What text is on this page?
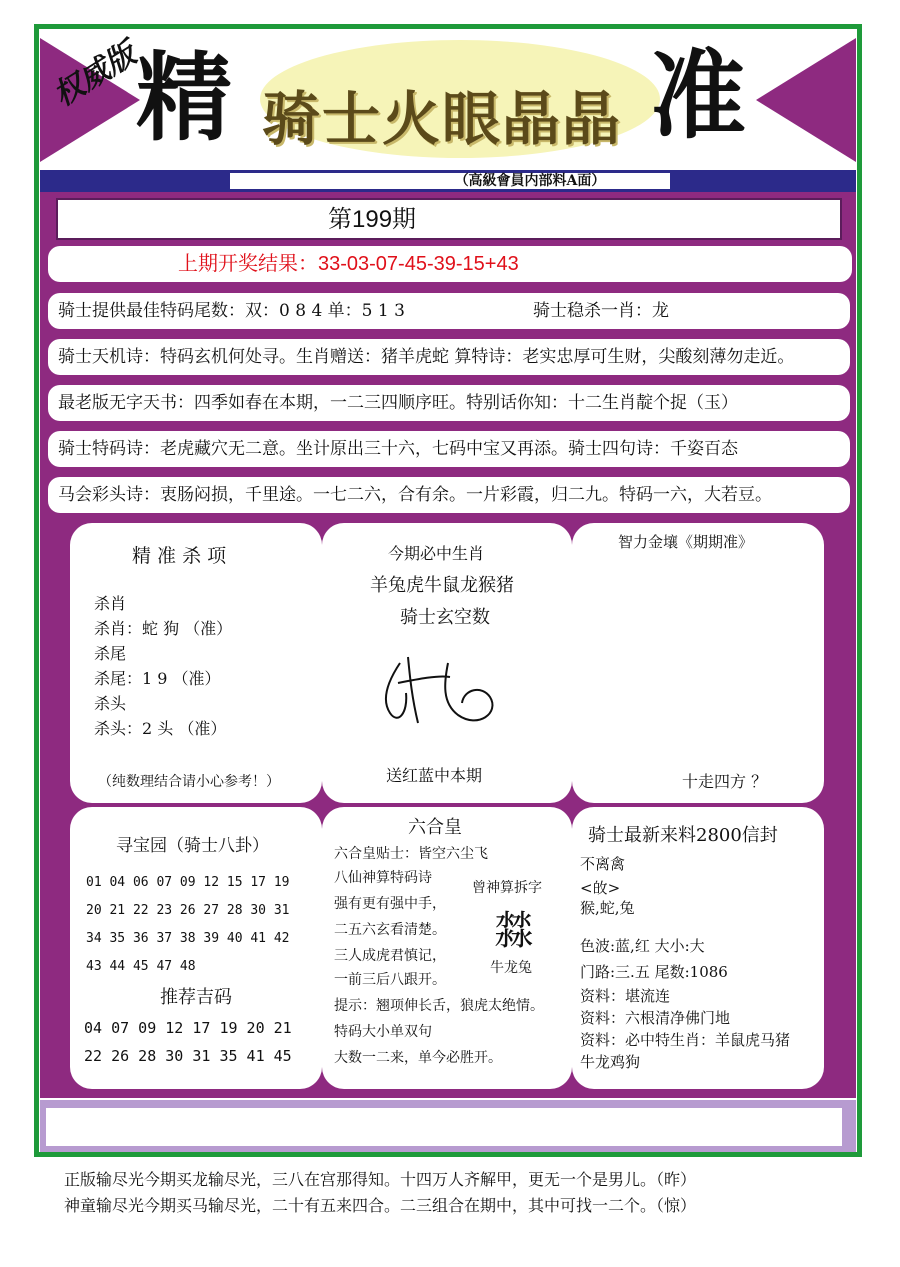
权威版
精 骑士火眼晶晶 准
（高級會員内部料A面）
第199期
上期开奖结果：33-03-07-45-39-15+43
骑士提供最佳特码尾数：双：0 8 4 单：5 1 3	骑士稳杀一肖：龙
骑士天机诗：特码玄机何处寻。生肖赠送：猪羊虎蛇 算特诗：老实忠厚可生财，尖酸刻薄勿走近。
最老版无字天书：四季如春在本期，一二三四顺序旺。特别话你知：十二生肖靛个捉（玉）
骑士特码诗：老虎藏穴无二意。坐计原出三十六，七码中宝又再添。骑士四句诗：千姿百态
马会彩头诗：衷肠闷损，千里途。一七二六，合有余。一片彩霞，归二九。特码一六，大若豆。
精 准 杀 项
杀肖
杀肖：蛇 狗 （准）
杀尾
杀尾：1 9 （准）
杀头
杀头：2 头 （准）
（纯数理结合请小心参考！）
今期必中生肖
羊兔虎牛鼠龙猴猪
骑士玄空数
送红蓝中本期
智力金壤《期期准》
十走四方 ？
寻宝园（骑士八卦）
01 04 06 07 09 12 15 17 19
20 21 22 23 26 27 28 30 31
34 35 36 37 38 39 40 41 42
43 44 45 47 48
推荐吉码
04 07 09 12 17 19 20 21
22 26 28 30 31 35 41 45
六合皇
六合皇贴士：皆空六尘飞
八仙神算特码诗
强有更有强中手，
二五六玄看清楚。
三人成虎君慎记，
一前三后八跟开。
提示：翘项伸长舌，狼虎太绝情。
特码大小单双句
大数一二来，单今必胜开。
曾神算拆字
㵘
牛龙兔
骑士最新来料2800信封
不离禽
<敀>
猴,蛇,兔
色波:蓝,红 大小:大
门路:三.五 尾数:1086
资料：堪流连
资料：六根清净佛门地
资料：必中特生肖：羊鼠虎马猪
牛龙鸡狗
正版输尽光今期买龙输尽光，三八在宫那得知。十四万人齐解甲，更无一个是男儿。（昨）
神童输尽光今期买马输尽光，二十有五来四合。二三组合在期中，其中可找一二个。（惊）
